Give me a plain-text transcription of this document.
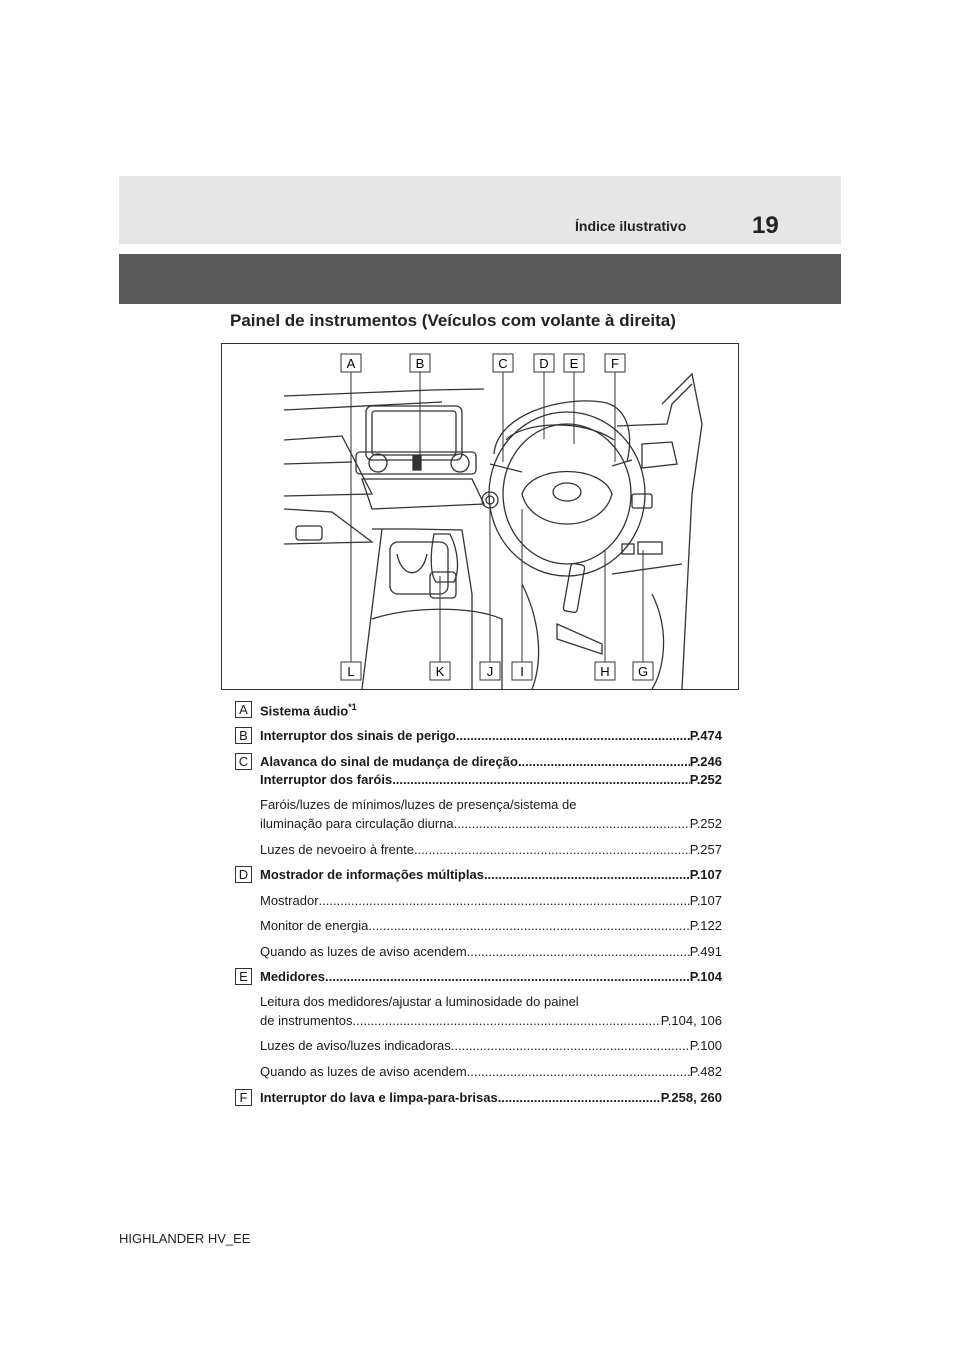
Índice ilustrativo	19
Painel de instrumentos (Veículos com volante à direita)
A	B	C D E	F
L	K	J I	H G
A Sistema áudio$^{*1}$
B Interruptor dos sinais de perigo .....	P.474
C Alavanca do sinal de mudança de direção .....	P.246
Interruptor dos faróis .....	P.252
Faróis/luzes de mínimos/luzes de presença/sistema de
iluminação para circulação diurna .....	P.252
Luzes de nevoeiro à frente .....	P.257
D Mostrador de informações múltiplas .....	P.107
Mostrador .....	P.107
Monitor de energia .....	P.122
Quando as luzes de aviso acendem .....	P.491
E Medidores .....	P.104
Leitura dos medidores/ajustar a luminosidade do painel
de instrumentos .....	P.104, 106
Luzes de aviso/luzes indicadoras .....	P.100
Quando as luzes de aviso acendem .....	P.482
F Interruptor do lava e limpa-para-brisas .....	P.258, 260
HIGHLANDER HV_EE
